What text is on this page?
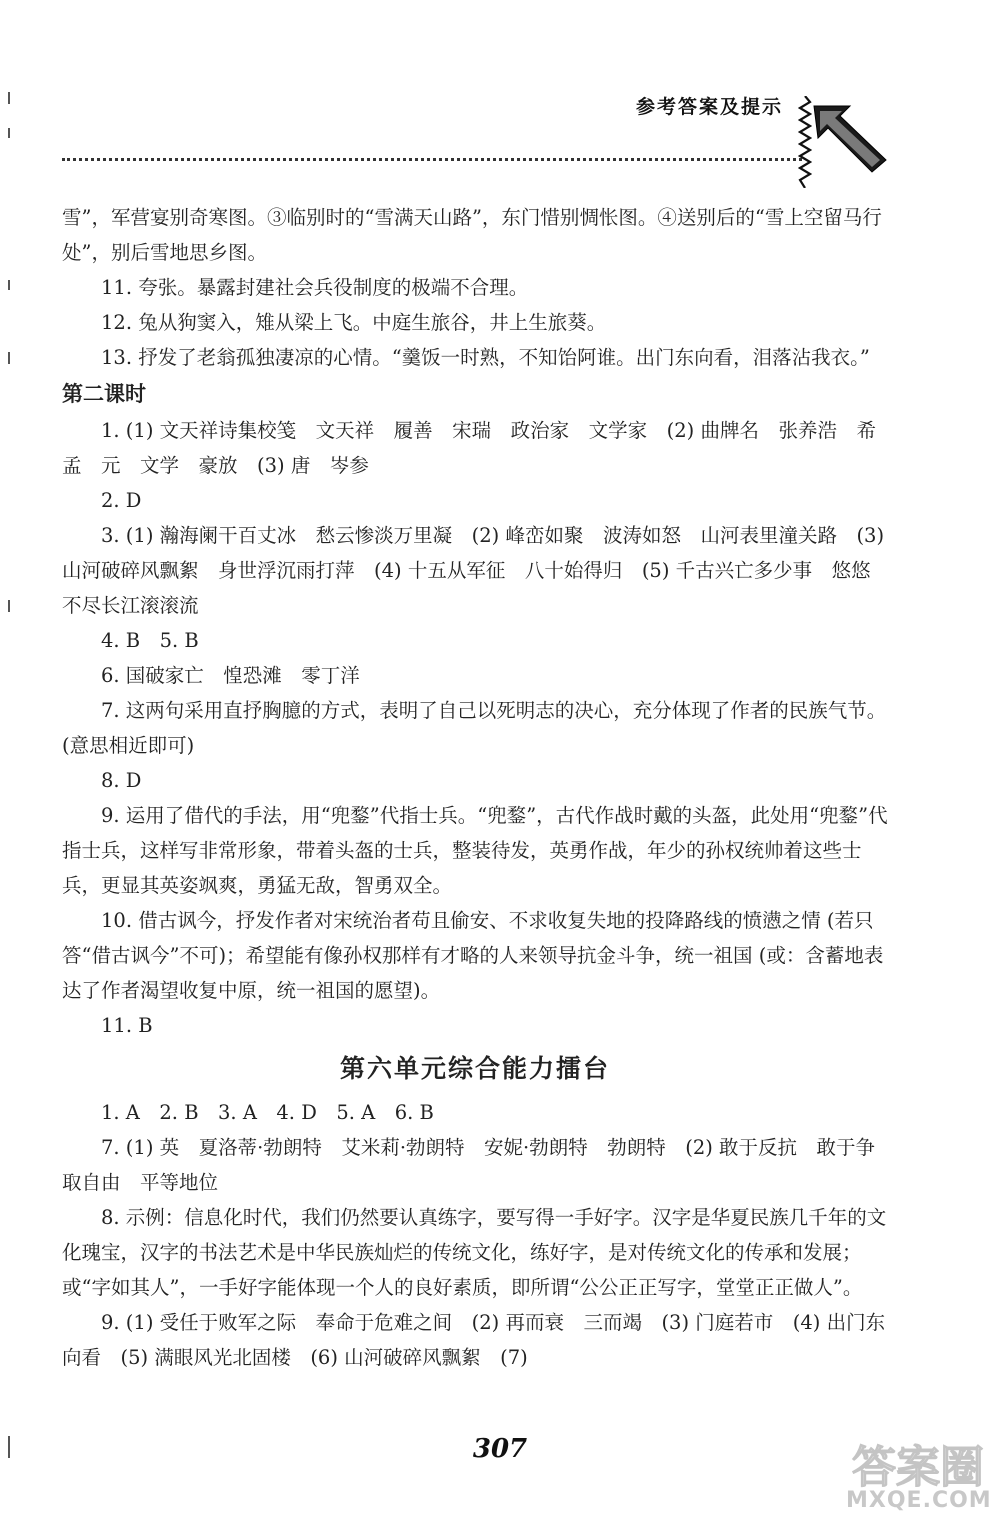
参考答案及提示

雪”，军营宴别奇寒图。③临别时的“雪满天山路”，东门惜别惆怅图。④送别后的“雪上空留马行处”，别后雪地思乡图。

11. 夸张。暴露封建社会兵役制度的极端不合理。

12. 兔从狗窦入，雉从梁上飞。中庭生旅谷，井上生旅葵。

13. 抒发了老翁孤独凄凉的心情。“羹饭一时熟，不知饴阿谁。出门东向看，泪落沾我衣。”

第二课时

1. (1) 文天祥诗集校笺　文天祥　履善　宋瑞　政治家　文学家　(2) 曲牌名　张养浩　希孟　元　文学　豪放　(3) 唐　岑参

2. D

3. (1) 瀚海阑干百丈冰　愁云惨淡万里凝　(2) 峰峦如聚　波涛如怒　山河表里潼关路　(3) 山河破碎风飘絮　身世浮沉雨打萍　(4) 十五从军征　八十始得归　(5) 千古兴亡多少事　悠悠　不尽长江滚滚流

4. B　5. B

6. 国破家亡　惶恐滩　零丁洋

7. 这两句采用直抒胸臆的方式，表明了自己以死明志的决心，充分体现了作者的民族气节。(意思相近即可)

8. D

9. 运用了借代的手法，用“兜鍪”代指士兵。“兜鍪”，古代作战时戴的头盔，此处用“兜鍪”代指士兵，这样写非常形象，带着头盔的士兵，整装待发，英勇作战，年少的孙权统帅着这些士兵，更显其英姿飒爽，勇猛无敌，智勇双全。

10. 借古讽今，抒发作者对宋统治者苟且偷安、不求收复失地的投降路线的愤懑之情 (若只答“借古讽今”不可)；希望能有像孙权那样有才略的人来领导抗金斗争，统一祖国 (或：含蓄地表达了作者渴望收复中原，统一祖国的愿望)。

11. B

第六单元综合能力擂台

1. A　2. B　3. A　4. D　5. A　6. B

7. (1) 英　夏洛蒂·勃朗特　艾米莉·勃朗特　安妮·勃朗特　勃朗特　(2) 敢于反抗　敢于争取自由　平等地位

8. 示例：信息化时代，我们仍然要认真练字，要写得一手好字。汉字是华夏民族几千年的文化瑰宝，汉字的书法艺术是中华民族灿烂的传统文化，练好字，是对传统文化的传承和发展；或“字如其人”，一手好字能体现一个人的良好素质，即所谓“公公正正写字，堂堂正正做人”。

9. (1) 受任于败军之际　奉命于危难之间　(2) 再而衰　三而竭　(3) 门庭若市　(4) 出门东向看　(5) 满眼风光北固楼　(6) 山河破碎风飘絮　(7)

307	答案圈
MXQE.COM
